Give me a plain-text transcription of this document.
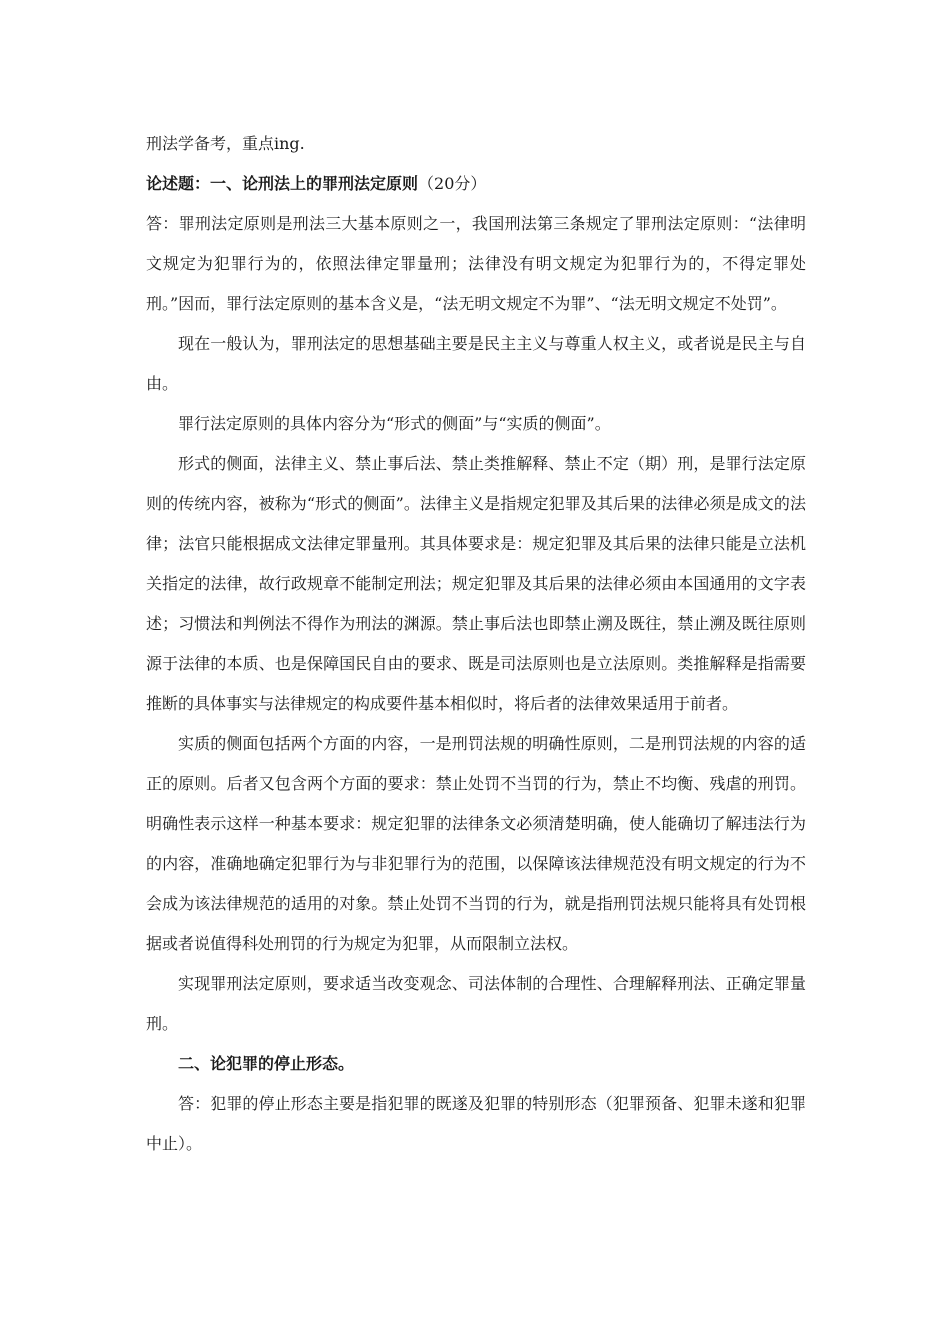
刑法学备考，重点ing.

论述题：一、论刑法上的罪刑法定原则（20分）

答：罪刑法定原则是刑法三大基本原则之一，我国刑法第三条规定了罪刑法定原则：“法律明文规定为犯罪行为的，依照法律定罪量刑；法律没有明文规定为犯罪行为的，不得定罪处刑。”因而，罪行法定原则的基本含义是，“法无明文规定不为罪”、“法无明文规定不处罚”。

现在一般认为，罪刑法定的思想基础主要是民主主义与尊重人权主义，或者说是民主与自由。

罪行法定原则的具体内容分为“形式的侧面”与“实质的侧面”。

形式的侧面，法律主义、禁止事后法、禁止类推解释、禁止不定（期）刑，是罪行法定原则的传统内容，被称为“形式的侧面”。法律主义是指规定犯罪及其后果的法律必须是成文的法律；法官只能根据成文法律定罪量刑。其具体要求是：规定犯罪及其后果的法律只能是立法机关指定的法律，故行政规章不能制定刑法；规定犯罪及其后果的法律必须由本国通用的文字表述；习惯法和判例法不得作为刑法的渊源。禁止事后法也即禁止溯及既往，禁止溯及既往原则源于法律的本质、也是保障国民自由的要求、既是司法原则也是立法原则。类推解释是指需要推断的具体事实与法律规定的构成要件基本相似时，将后者的法律效果适用于前者。

实质的侧面包括两个方面的内容，一是刑罚法规的明确性原则，二是刑罚法规的内容的适正的原则。后者又包含两个方面的要求：禁止处罚不当罚的行为，禁止不均衡、残虐的刑罚。明确性表示这样一种基本要求：规定犯罪的法律条文必须清楚明确，使人能确切了解违法行为的内容，准确地确定犯罪行为与非犯罪行为的范围，以保障该法律规范没有明文规定的行为不会成为该法律规范的适用的对象。禁止处罚不当罚的行为，就是指刑罚法规只能将具有处罚根据或者说值得科处刑罚的行为规定为犯罪，从而限制立法权。

实现罪刑法定原则，要求适当改变观念、司法体制的合理性、合理解释刑法、正确定罪量刑。

二、论犯罪的停止形态。

答：犯罪的停止形态主要是指犯罪的既遂及犯罪的特别形态（犯罪预备、犯罪未遂和犯罪中止）。
